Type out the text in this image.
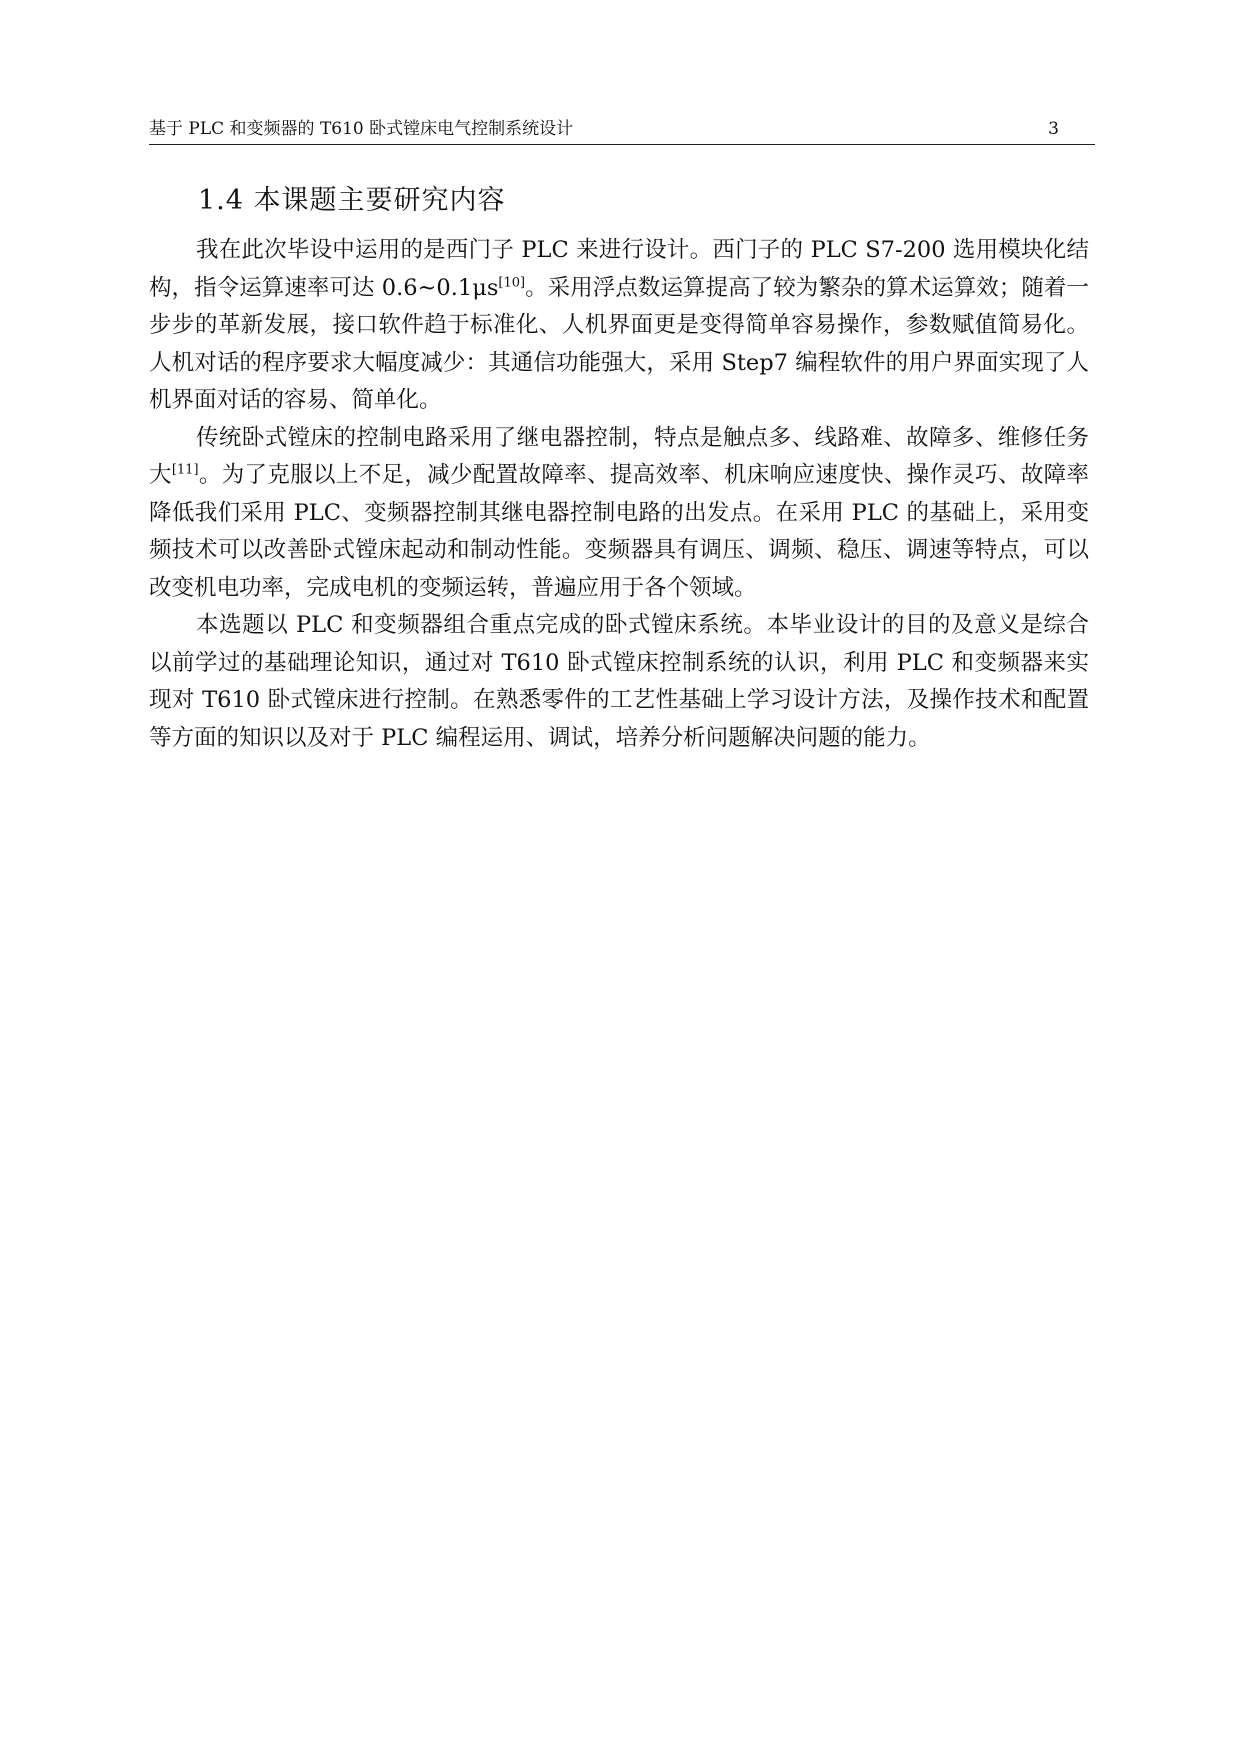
基于 PLC 和变频器的 T610 卧式镗床电气控制系统设计	3
1.4 本课题主要研究内容

我在此次毕设中运用的是西门子 PLC 来进行设计。西门子的 PLC S7-200 选用模块化结构，指令运算速率可达 0.6~0.1μs[10]。采用浮点数运算提高了较为繁杂的算术运算效；随着一步步的革新发展，接口软件趋于标准化、人机界面更是变得简单容易操作，参数赋值简易化。人机对话的程序要求大幅度减少：其通信功能强大，采用 Step7 编程软件的用户界面实现了人机界面对话的容易、简单化。

传统卧式镗床的控制电路采用了继电器控制，特点是触点多、线路难、故障多、维修任务大[11]。为了克服以上不足，减少配置故障率、提高效率、机床响应速度快、操作灵巧、故障率降低我们采用 PLC、变频器控制其继电器控制电路的出发点。在采用 PLC 的基础上，采用变频技术可以改善卧式镗床起动和制动性能。变频器具有调压、调频、稳压、调速等特点，可以改变机电功率，完成电机的变频运转，普遍应用于各个领域。

本选题以 PLC 和变频器组合重点完成的卧式镗床系统。本毕业设计的目的及意义是综合以前学过的基础理论知识，通过对 T610 卧式镗床控制系统的认识，利用 PLC 和变频器来实现对 T610 卧式镗床进行控制。在熟悉零件的工艺性基础上学习设计方法，及操作技术和配置等方面的知识以及对于 PLC 编程运用、调试，培养分析问题解决问题的能力。
